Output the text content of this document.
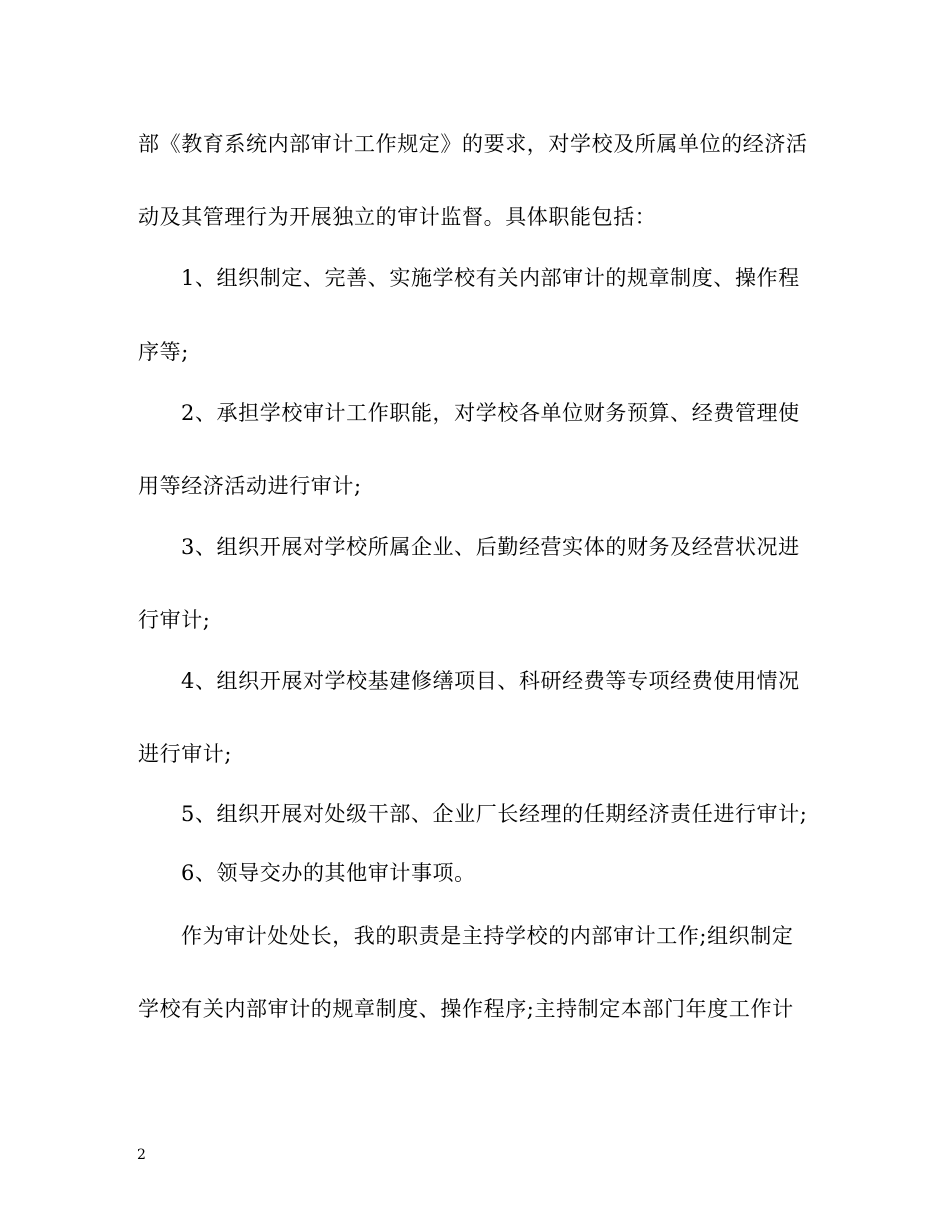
部《教育系统内部审计工作规定》的要求，对学校及所属单位的经济活
动及其管理行为开展独立的审计监督。具体职能包括：
1、组织制定、完善、实施学校有关内部审计的规章制度、操作程
序等;
2、承担学校审计工作职能，对学校各单位财务预算、经费管理使
用等经济活动进行审计;
3、组织开展对学校所属企业、后勤经营实体的财务及经营状况进
行审计;
4、组织开展对学校基建修缮项目、科研经费等专项经费使用情况
进行审计;
5、组织开展对处级干部、企业厂长经理的任期经济责任进行审计;
6、领导交办的其他审计事项。
作为审计处处长，我的职责是主持学校的内部审计工作;组织制定
学校有关内部审计的规章制度、操作程序;主持制定本部门年度工作计
2
